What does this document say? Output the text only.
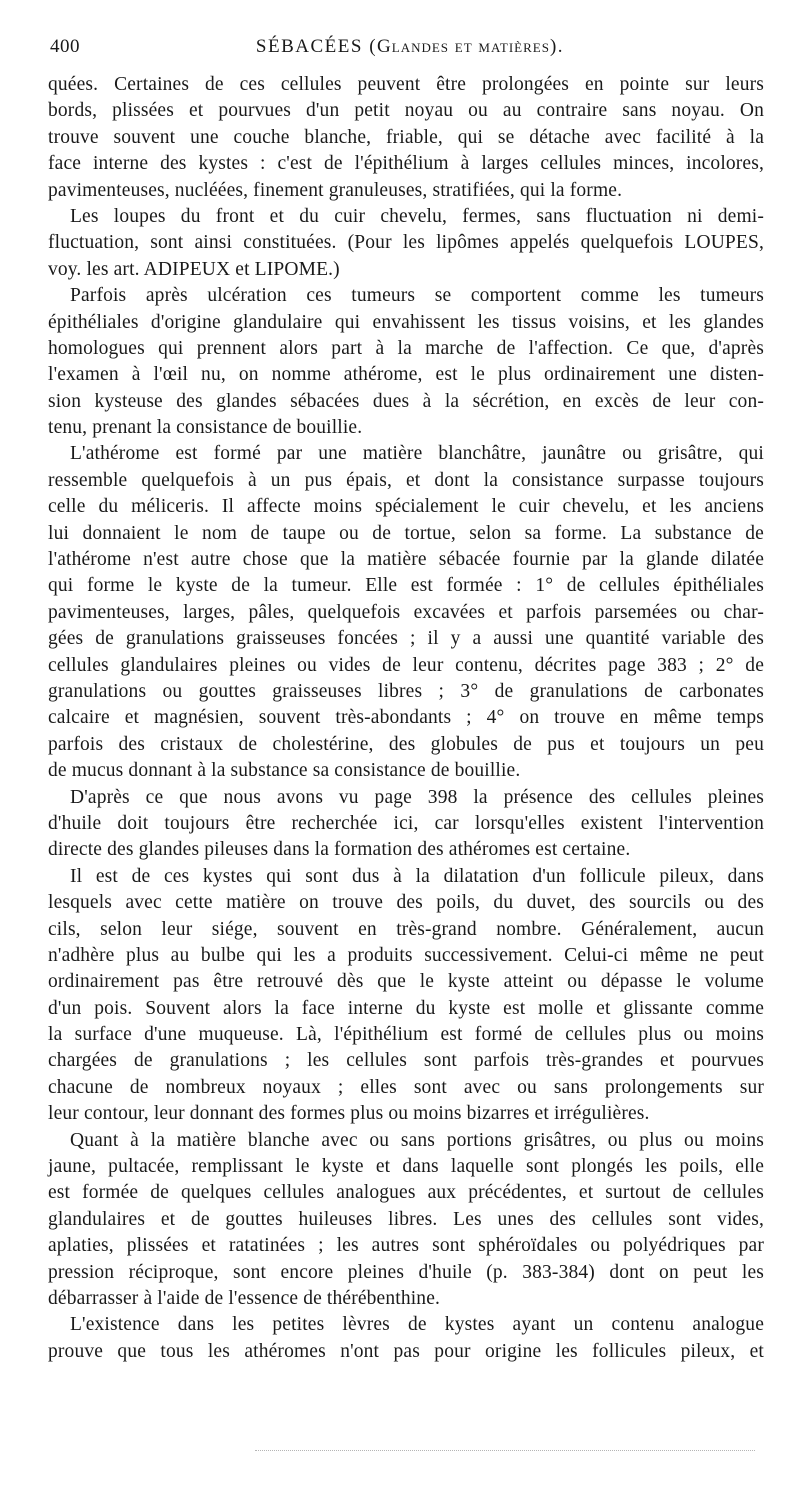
400	SÉBACÉES (Glandes et matières).
quées. Certaines de ces cellules peuvent être prolongées en pointe sur leurs
bords, plissées et pourvues d'un petit noyau ou au contraire sans noyau. On
trouve souvent une couche blanche, friable, qui se détache avec facilité à la
face interne des kystes : c'est de l'épithélium à larges cellules minces, incolores,
pavimenteuses, nucléées, finement granuleuses, stratifiées, qui la forme.
Les loupes du front et du cuir chevelu, fermes, sans fluctuation ni demi-
fluctuation, sont ainsi constituées. (Pour les lipômes appelés quelquefois LOUPES,
voy. les art. ADIPEUX et LIPOME.)
Parfois après ulcération ces tumeurs se comportent comme les tumeurs
épithéliales d'origine glandulaire qui envahissent les tissus voisins, et les glandes
homologues qui prennent alors part à la marche de l'affection. Ce que, d'après
l'examen à l'œil nu, on nomme athérome, est le plus ordinairement une disten-
sion kysteuse des glandes sébacées dues à la sécrétion, en excès de leur con-
tenu, prenant la consistance de bouillie.
L'athérome est formé par une matière blanchâtre, jaunâtre ou grisâtre, qui
ressemble quelquefois à un pus épais, et dont la consistance surpasse toujours
celle du méliceris. Il affecte moins spécialement le cuir chevelu, et les anciens
lui donnaient le nom de taupe ou de tortue, selon sa forme. La substance de
l'athérome n'est autre chose que la matière sébacée fournie par la glande dilatée
qui forme le kyste de la tumeur. Elle est formée : 1° de cellules épithéliales
pavimenteuses, larges, pâles, quelquefois excavées et parfois parsemées ou char-
gées de granulations graisseuses foncées ; il y a aussi une quantité variable des
cellules glandulaires pleines ou vides de leur contenu, décrites page 383 ; 2° de
granulations ou gouttes graisseuses libres ; 3° de granulations de carbonates
calcaire et magnésien, souvent très-abondants ; 4° on trouve en même temps
parfois des cristaux de cholestérine, des globules de pus et toujours un peu
de mucus donnant à la substance sa consistance de bouillie.
D'après ce que nous avons vu page 398 la présence des cellules pleines
d'huile doit toujours être recherchée ici, car lorsqu'elles existent l'intervention
directe des glandes pileuses dans la formation des athéromes est certaine.
Il est de ces kystes qui sont dus à la dilatation d'un follicule pileux, dans
lesquels avec cette matière on trouve des poils, du duvet, des sourcils ou des
cils, selon leur siége, souvent en très-grand nombre. Généralement, aucun
n'adhère plus au bulbe qui les a produits successivement. Celui-ci même ne peut
ordinairement pas être retrouvé dès que le kyste atteint ou dépasse le volume
d'un pois. Souvent alors la face interne du kyste est molle et glissante comme
la surface d'une muqueuse. Là, l'épithélium est formé de cellules plus ou moins
chargées de granulations ; les cellules sont parfois très-grandes et pourvues
chacune de nombreux noyaux ; elles sont avec ou sans prolongements sur
leur contour, leur donnant des formes plus ou moins bizarres et irrégulières.
Quant à la matière blanche avec ou sans portions grisâtres, ou plus ou moins
jaune, pultacée, remplissant le kyste et dans laquelle sont plongés les poils, elle
est formée de quelques cellules analogues aux précédentes, et surtout de cellules
glandulaires et de gouttes huileuses libres. Les unes des cellules sont vides,
aplaties, plissées et ratatinées ; les autres sont sphéroïdales ou polyédriques par
pression réciproque, sont encore pleines d'huile (p. 383-384) dont on peut les
débarrasser à l'aide de l'essence de thérébenthine.
L'existence dans les petites lèvres de kystes ayant un contenu analogue
prouve que tous les athéromes n'ont pas pour origine les follicules pileux, et
